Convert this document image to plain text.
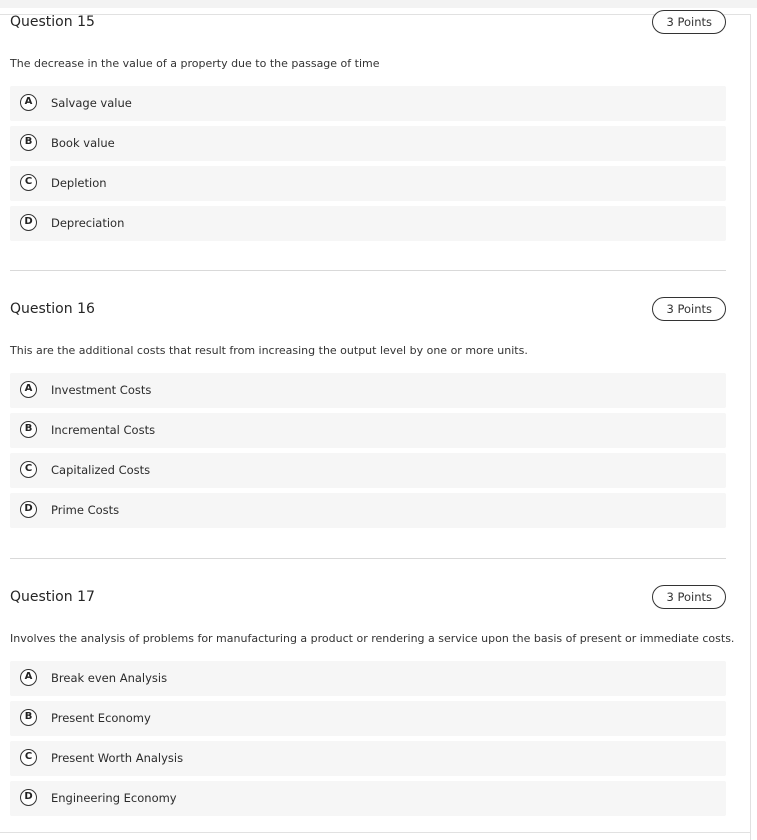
Question 15	3 Points
The decrease in the value of a property due to the passage of time
A	Salvage value
B	Book value
C	Depletion
D	Depreciation
Question 16	3 Points
This are the additional costs that result from increasing the output level by one or more units.
A	Investment Costs
B	Incremental Costs
C	Capitalized Costs
D	Prime Costs
Question 17	3 Points
Involves the analysis of problems for manufacturing a product or rendering a service upon the basis of present or immediate costs.
A	Break even Analysis
B	Present Economy
C	Present Worth Analysis
D	Engineering Economy
